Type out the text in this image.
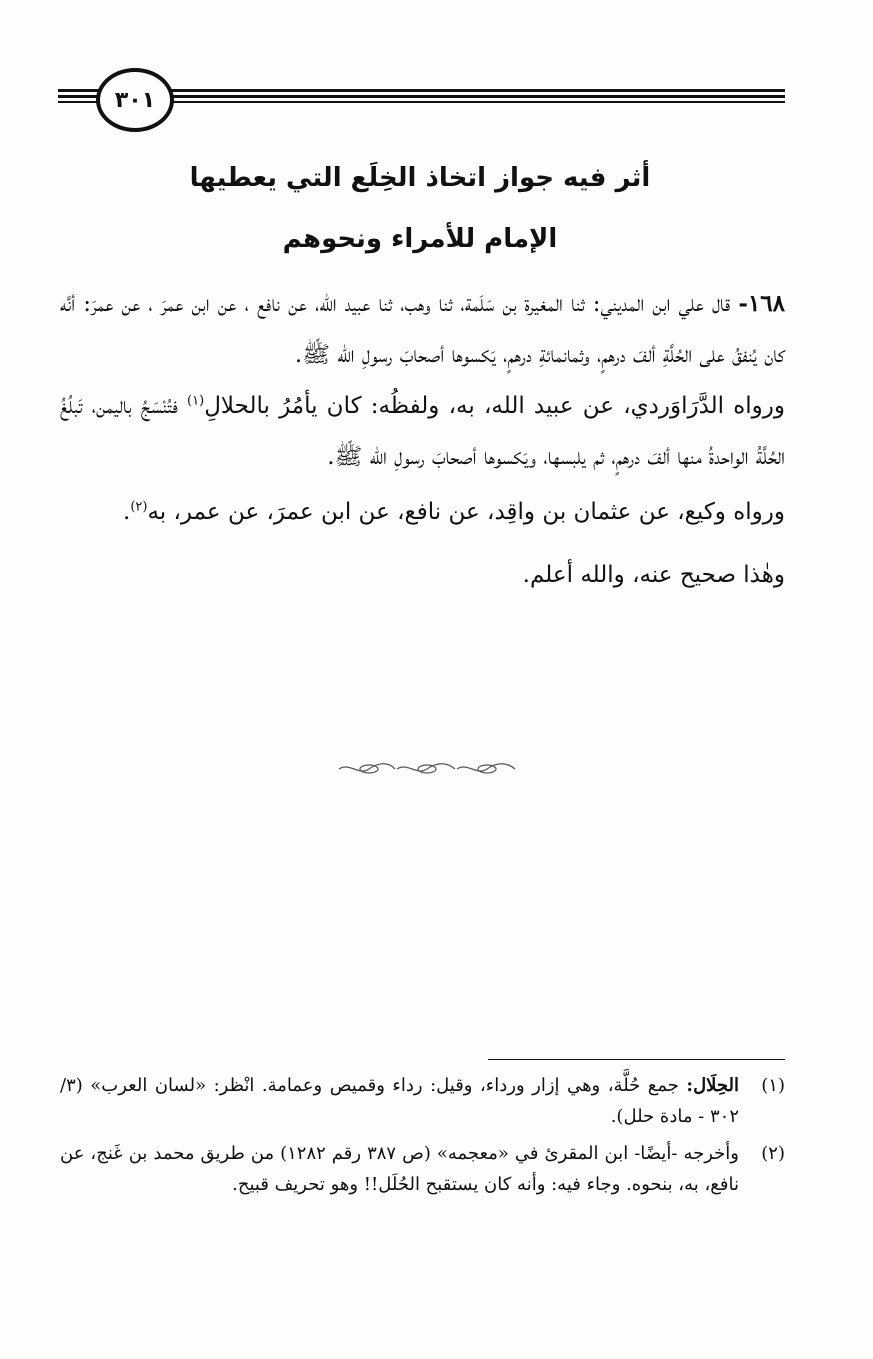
٣٠١
أثر فيه جواز اتخاذ الخِلَع التي يعطيها
الإمام للأمراء ونحوهم

١٦٨- قال علي ابن المديني: ثنا المغيرة بن سَلَمة، ثنا وهب، ثنا عبيد الله، عن نافع ، عن ابن عمرَ ، عن عمرَ: أنَّه كان يُنفقُ على الحُلَّةِ ألفَ درهمٍ، وثمانمائةِ درهمٍ، يَكسوها أصحابَ رسولِ الله ﷺ.

ورواه الدَّرَاوَردي، عن عبيد الله، به، ولفظُه: كان يأمُرُ بالحلالِ$^{(١)}$ فتُنْسَجُ باليمن، تَبلُغُ الحُلَّةُ الواحدةُ منها ألفَ درهمٍ، ثم يلبسها، ويَكسوها أصحابَ رسولِ الله ﷺ.

ورواه وكيع، عن عثمان بن واقِد، عن نافع، عن ابن عمرَ، عن عمر، به$^{(٢)}$.

وهٰذا صحيح عنه، والله أعلم.

(١)
الحِلَال: جمع حُلَّة، وهي إزار ورداء، وقيل: رداء وقميص وعمامة. انْظر: «لسان العرب» (٣/ ٣٠٢ - مادة حلل).
(٢)
وأخرجه -أيضًا- ابن المقرئ في «معجمه» (ص ٣٨٧ رقم ١٢٨٢) من طريق محمد بن غَنج، عن نافع، به، بنحوه. وجاء فيه: وأنه كان يستقبح الحُلَل!! وهو تحريف قبيح.
